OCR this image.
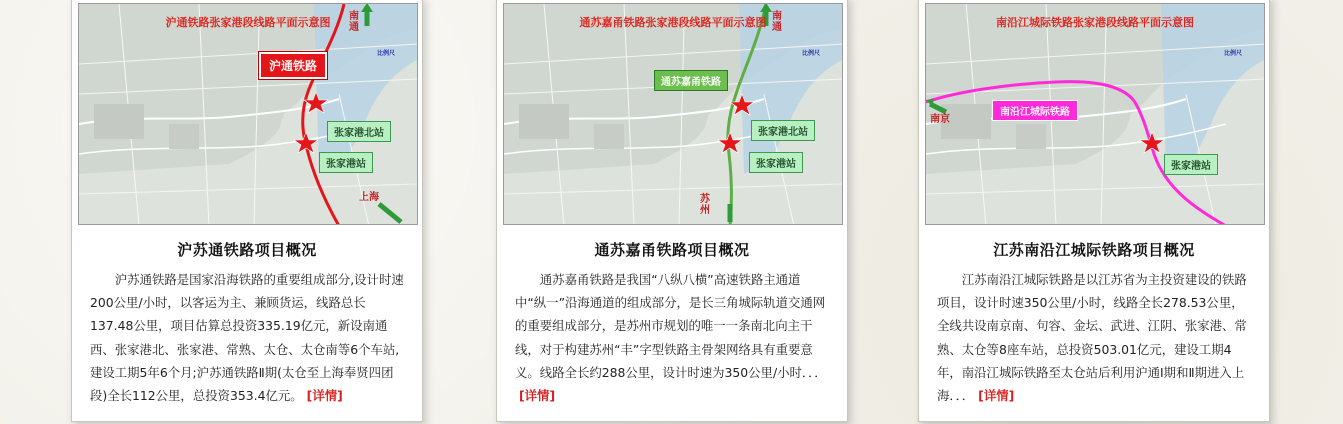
沪通铁路张家港段线路平面示意图
沪通铁路
张家港北站
张家港站
南通
上海
比例尺
沪苏通铁路项目概况

沪苏通铁路是国家沿海铁路的重要组成部分,设计时速200公里/小时，以客运为主、兼顾货运，线路总长137.48公里，项目估算总投资335.19亿元，新设南通西、张家港北、张家港、常熟、太仓、太仓南等6个车站,建设工期5年6个月;沪苏通铁路Ⅱ期(太仓至上海奉贤四团段)全长112公里，总投资353.4亿元。 [详情]

通苏嘉甬铁路张家港段线路平面示意图
通苏嘉甬铁路
张家港北站
张家港站
南通
苏州
比例尺
通苏嘉甬铁路项目概况

通苏嘉甬铁路是我国“八纵八横”高速铁路主通道中“纵一”沿海通道的组成部分，是长三角城际轨道交通网的重要组成部分，是苏州市规划的唯一一条南北向主干线，对于构建苏州“丰”字型铁路主骨架网络具有重要意义。线路全长约288公里，设计时速为350公里/小时．．．[详情]

南沿江城际铁路张家港段线路平面示意图
南沿江城际铁路
张家港站
南京
比例尺
江苏南沿江城际铁路项目概况

江苏南沿江城际铁路是以江苏省为主投资建设的铁路项目，设计时速350公里/小时，线路全长278.53公里，全线共设南京南、句容、金坛、武进、江阴、张家港、常熟、太仓等8座车站，总投资503.01亿元，建设工期4年，南沿江城际铁路至太仓站后利用沪通Ⅰ期和Ⅱ期进入上海．．． [详情]
